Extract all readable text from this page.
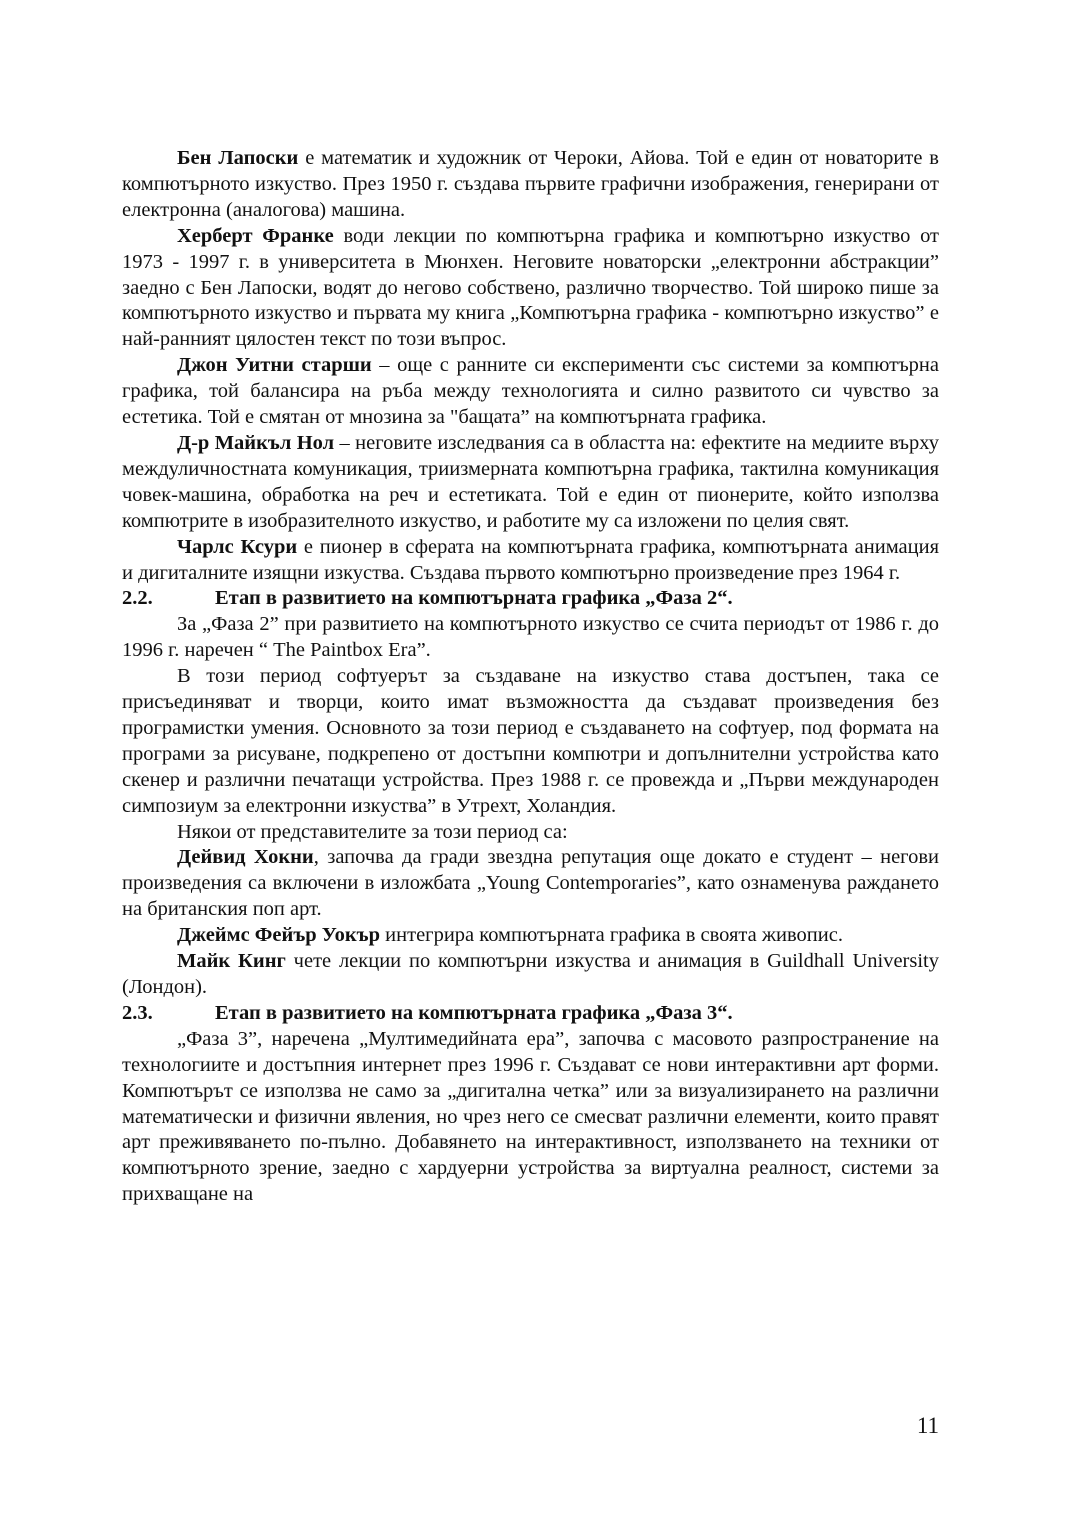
Бен Лапоски е математик и художник от Чероки, Айова. Той е един от новаторите в компютърното изкуство. През 1950 г. създава първите графични изображения, генерирани от електронна (аналогова) машина.

Херберт Франке води лекции по компютърна графика и компютърно изкуство от 1973 - 1997 г. в университета в Мюнхен. Неговите новаторски „електронни абстракции” заедно с Бен Лапоски, водят до негово собствено, различно творчество. Той широко пише за компютърното изкуство и първата му книга „Компютърна графика - компютърно изкуство” е най-ранният цялостен текст по този въпрос.

Джон Уитни старши – още с ранните си експерименти със системи за компютърна графика, той балансира на ръба между технологията и силно развитото си чувство за естетика. Той е смятан от мнозина за "бащата” на компютърната графика.

Д-р Майкъл Нол – неговите изследвания са в областта на: ефектите на медиите върху междуличностната комуникация, триизмерната компютърна графика, тактилна комуникация човек-машина, обработка на реч и естетиката. Той е един от пионерите, който използва компютрите в изобразителното изкуство, и работите му са изложени по целия свят.

Чарлс Ксури е пионер в сферата на компютърната графика, компютърната анимация и дигиталните изящни изкуства. Създава първото компютърно произведение през 1964 г.

2.2.	Етап в развитието на компютърната графика „Фаза 2“.

За „Фаза 2” при развитието на компютърното изкуство се счита периодът от 1986 г. до 1996 г. наречен “ The Paintbox Era”.

В този период софтуерът за създаване на изкуство става достъпен, така се присъединяват и творци, които имат възможността да създават произведения без програмистки умения. Основното за този период е създаването на софтуер, под формата на програми за рисуване, подкрепено от достъпни компютри и допълнителни устройства като скенер и различни печатащи устройства. През 1988 г. се провежда и „Първи международен симпозиум за електронни изкуства” в Утрехт, Холандия.

Някои от представителите за този период са:

Дейвид Хокни, започва да гради звездна репутация още докато е студент – негови произведения са включени в изложбата „Young Contemporaries”, като ознаменува раждането на британския поп арт.

Джеймс Фейър Уокър интегрира компютърната графика в своята живопис.

Майк Кинг чете лекции по компютърни изкуства и анимация в Guildhall University (Лондон).

2.3.	Етап в развитието на компютърната графика „Фаза 3“.

„Фаза 3”, наречена „Мултимедийната ера”, започва с масовото разпространение на технологиите и достъпния интернет през 1996 г. Създават се нови интерактивни арт форми. Компютърът се използва не само за „дигитална четка” или за визуализирането на различни математически и физични явления, но чрез него се смесват различни елементи, които правят арт преживяването по-пълно. Добавянето на интерактивност, използването на техники от компютърното зрение, заедно с хардуерни устройства за виртуална реалност, системи за прихващане на

11
